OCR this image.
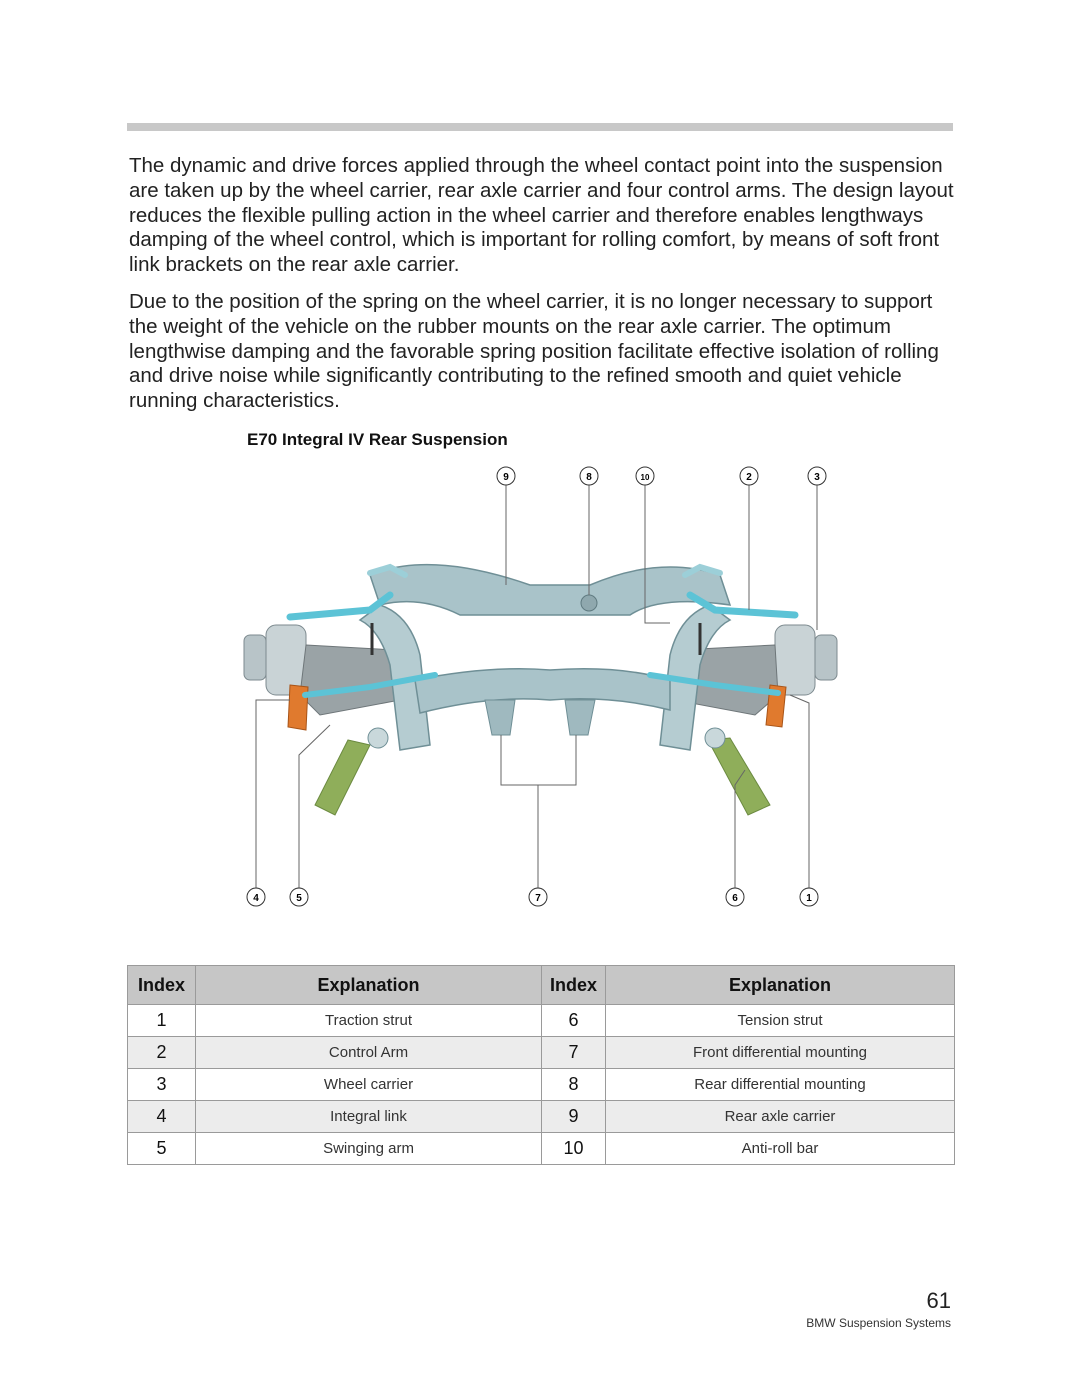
The dynamic and drive forces applied through the wheel contact point into the suspension are taken up by the wheel carrier, rear axle carrier and four control arms. The design layout reduces the flexible pulling action in the wheel carrier and therefore enables lengthways damping of the wheel control, which is important for rolling comfort, by means of soft front link brackets on the rear axle carrier.

Due to the position of the spring on the wheel carrier, it is no longer necessary to support the weight of the vehicle on the rubber mounts on the rear axle carrier. The optimum lengthwise damping and the favorable spring position facilitate effective isolation of rolling and drive noise while significantly contributing to the refined smooth and quiet vehicle running characteristics.

E70 Integral IV Rear Suspension
9	8	10	2	3
4	5	7	6	1
Index	Explanation	Index	Explanation
1	Traction strut	6	Tension strut
2	Control Arm	7	Front differential mounting
3	Wheel carrier	8	Rear differential mounting
4	Integral link	9	Rear axle carrier
5	Swinging arm	10	Anti-roll bar
61
BMW Suspension Systems
